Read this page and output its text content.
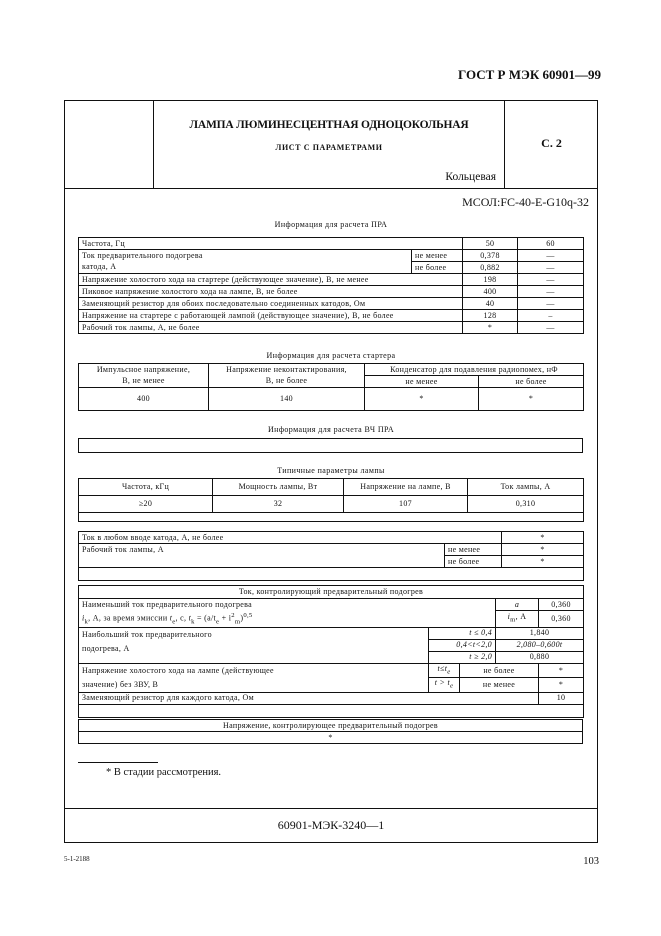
ГОСТ Р МЭК 60901—99
ЛАМПА ЛЮМИНЕСЦЕНТНАЯ ОДНОЦОКОЛЬНАЯ
ЛИСТ С ПАРАМЕТРАМИ	С. 2
Кольцевая
МСОЛ:FC-40-E-G10q-32
Информация для расчета ПРА
Частота, Гц		50	60
Ток предварительного подогрева	не менее	0,378	—
катода, А	не более	0,882	—
Напряжение холостого хода на стартере (действующее значение), В, не менее		198	—
Пиковое напряжение холостого хода на лампе, В, не более		400	—
Заменяющий резистор для обоих последовательно соединенных катодов, Ом		40	—
Напряжение на стартере с работающей лампой (действующее значение), В, не более		128	–
Рабочий ток лампы, А, не более		*	—
Информация для расчета стартера
Импульсное напряжение,	Напряжение неконтактирования,	Конденсатор для подавления радиопомех, нФ	
В, не менее	В, не более	не менее	не более
400	140	*	*
Информация для расчета ВЧ ПРА
Типичные параметры лампы
Частота, кГц	Мощность лампы, Вт	Напряжение на лампе, В	Ток лампы, А
≥20	32	107	0,310

Ток в любом вводе катода, А, не более		*
Рабочий ток лампы, А	не менее	*
	не более	*

Ток, контролирующий предварительный подогрев				
Наименьший ток предварительного подогрева			a	0,360
$i_k$, А, за время эмиссии $t_e$, с, $t_k = (a/t_e + i^2_m)^{0,5}$			$i_m$, А	0,360
Наибольший ток предварительного
подогрева, А	t ≤ 0,4		1,840	
	0,4<t<2,0		2,080–0,600t	
	t ≥ 2,0		0,880	
Напряжение холостого хода на лампе (действующее	$t\le t_e$	не более		*
значение) без ЗВУ, В	$t > t_e$	не менее		*
Заменяющий резистор для каждого катода, Ом				10

Напряжение, контролирующее предварительный подогрев
*
* В стадии рассмотрения.
60901-МЭК-3240—1
5-1-2188	103
